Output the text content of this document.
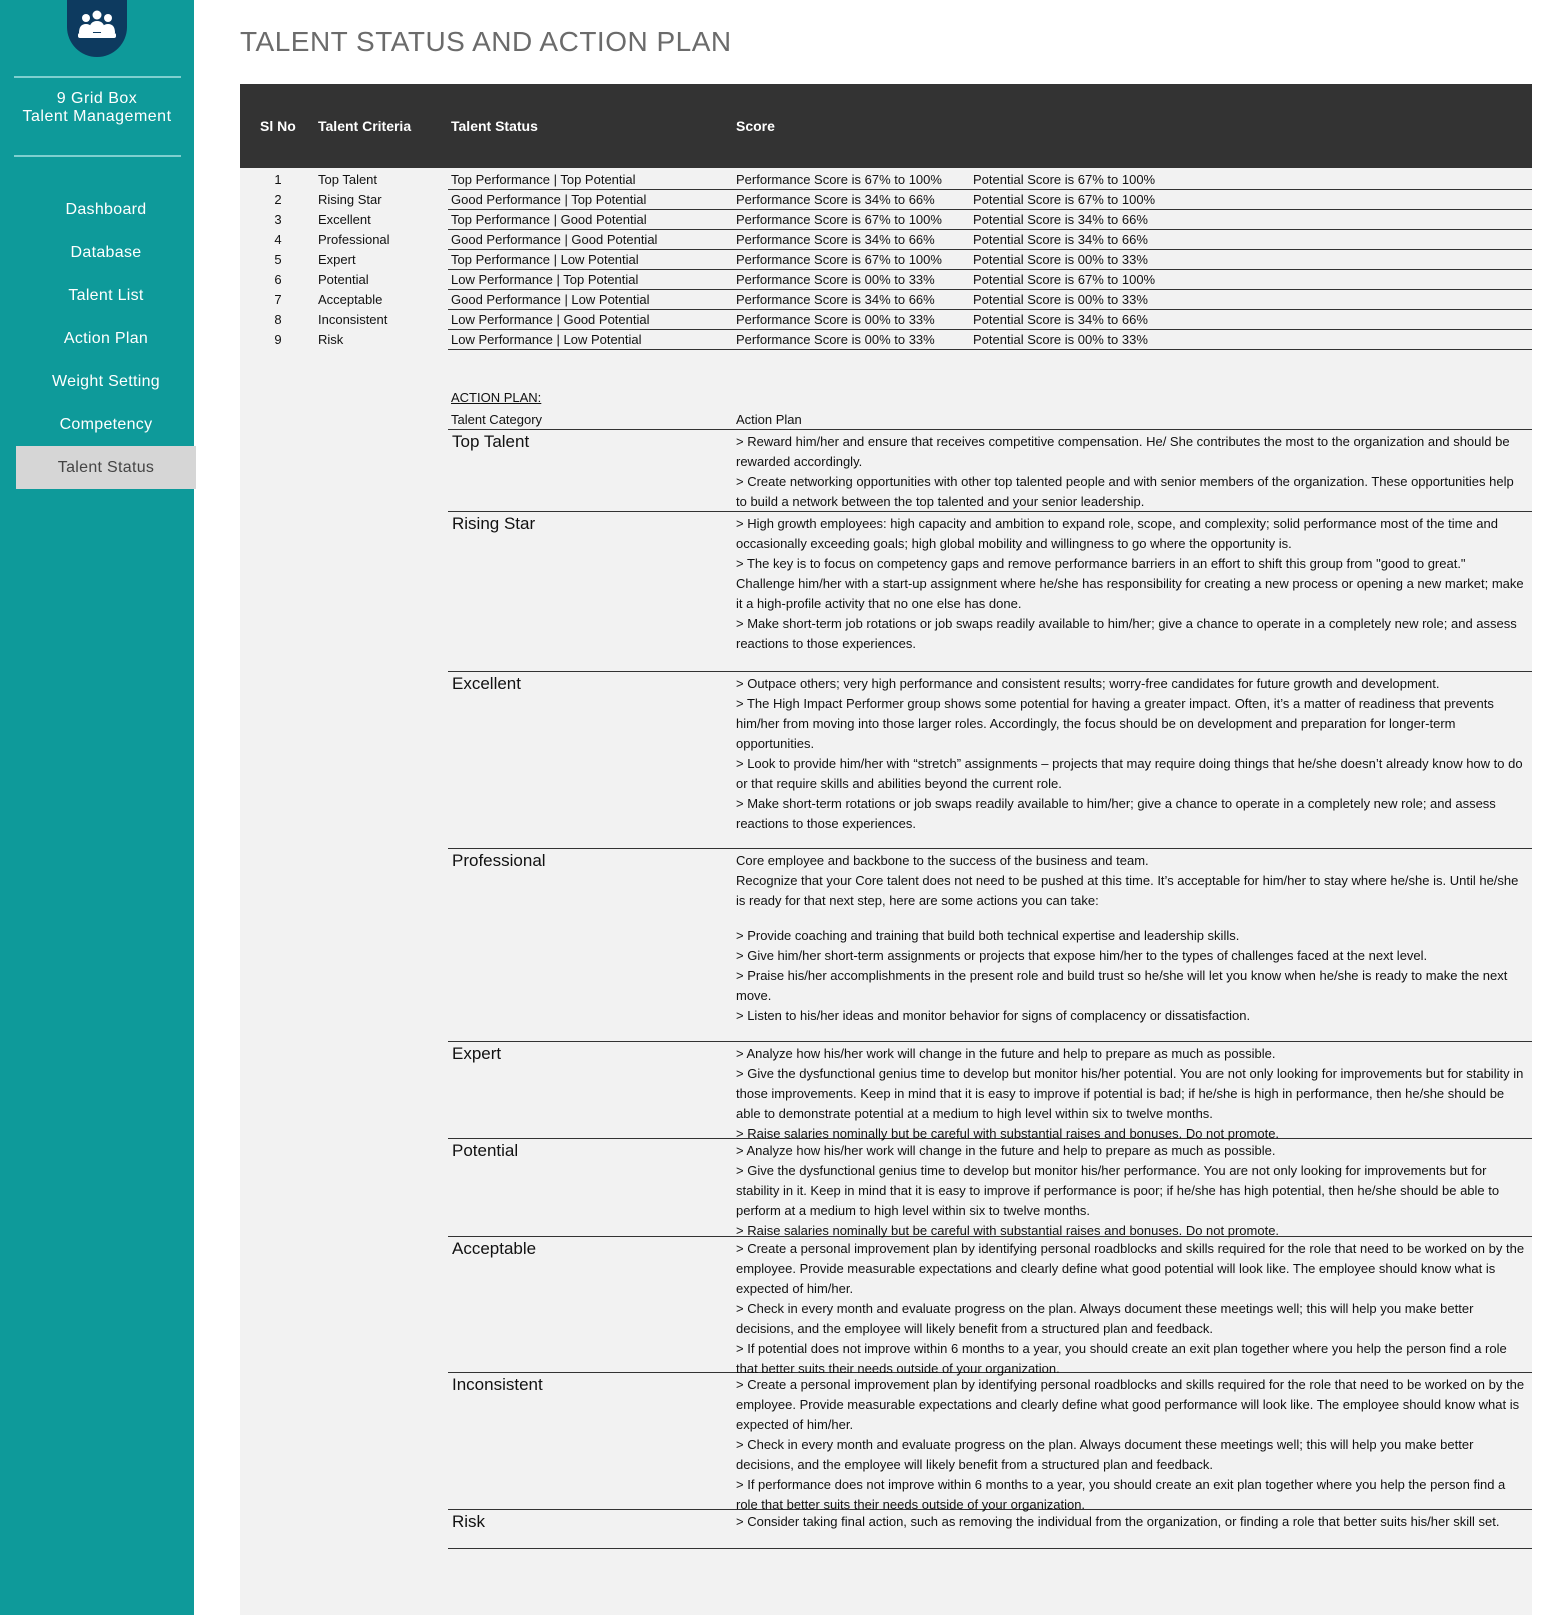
9 Grid Box
Talent Management
Dashboard
Database
Talent List
Action Plan
Weight Setting
Competency
Talent Status
TALENT STATUS AND ACTION PLAN
Sl No Talent Criteria	Talent Status	Score
1	Top Talent	Top Performance | Top Potential	Performance Score is 67% to 100% Potential Score is 67% to 100%
2	Rising Star	Good Performance | Top Potential	Performance Score is 34% to 66%	Potential Score is 67% to 100%
3	Excellent	Top Performance | Good Potential	Performance Score is 67% to 100% Potential Score is 34% to 66%
4	Professional	Good Performance | Good Potential	Performance Score is 34% to 66%	Potential Score is 34% to 66%
5	Expert	Top Performance | Low Potential	Performance Score is 67% to 100% Potential Score is 00% to 33%
6	Potential	Low Performance | Top Potential	Performance Score is 00% to 33%	Potential Score is 67% to 100%
7	Acceptable	Good Performance | Low Potential	Performance Score is 34% to 66%	Potential Score is 00% to 33%
8	Inconsistent	Low Performance | Good Potential	Performance Score is 00% to 33%	Potential Score is 34% to 66%
9	Risk	Low Performance | Low Potential	Performance Score is 00% to 33%	Potential Score is 00% to 33%
ACTION PLAN:
Talent Category	Action Plan
Top Talent	> Reward him/her and ensure that receives competitive compensation. He/ She contributes the most to the organization and should be rewarded accordingly.

> Create networking opportunities with other top talented people and with senior members of the organization. These opportunities help to build a network between the top talented and your senior leadership.

Rising Star	> High growth employees: high capacity and ambition to expand role, scope, and complexity; solid performance most of the time and occasionally exceeding goals; high global mobility and willingness to go where the opportunity is.

> The key is to focus on competency gaps and remove performance barriers in an effort to shift this group from "good to great." Challenge him/her with a start-up assignment where he/she has responsibility for creating a new process or opening a new market; make it a high-profile activity that no one else has done.

> Make short-term job rotations or job swaps readily available to him/her; give a chance to operate in a completely new role; and assess reactions to those experiences.

Excellent	> Outpace others; very high performance and consistent results; worry-free candidates for future growth and development.

> The High Impact Performer group shows some potential for having a greater impact. Often, it’s a matter of readiness that prevents him/her from moving into those larger roles. Accordingly, the focus should be on development and preparation for longer-term opportunities.

> Look to provide him/her with “stretch” assignments – projects that may require doing things that he/she doesn’t already know how to do or that require skills and abilities beyond the current role.

> Make short-term rotations or job swaps readily available to him/her; give a chance to operate in a completely new role; and assess reactions to those experiences.

Professional	Core employee and backbone to the success of the business and team.

Recognize that your Core talent does not need to be pushed at this time. It’s acceptable for him/her to stay where he/she is. Until he/she is ready for that next step, here are some actions you can take:

> Provide coaching and training that build both technical expertise and leadership skills.

> Give him/her short-term assignments or projects that expose him/her to the types of challenges faced at the next level.

> Praise his/her accomplishments in the present role and build trust so he/she will let you know when he/she is ready to make the next move.

> Listen to his/her ideas and monitor behavior for signs of complacency or dissatisfaction.

Expert	> Analyze how his/her work will change in the future and help to prepare as much as possible.

> Give the dysfunctional genius time to develop but monitor his/her potential. You are not only looking for improvements but for stability in those improvements. Keep in mind that it is easy to improve if potential is bad; if he/she is high in performance, then he/she should be able to demonstrate potential at a medium to high level within six to twelve months.

> Raise salaries nominally but be careful with substantial raises and bonuses. Do not promote.

Potential	> Analyze how his/her work will change in the future and help to prepare as much as possible.

> Give the dysfunctional genius time to develop but monitor his/her performance. You are not only looking for improvements but for stability in it. Keep in mind that it is easy to improve if performance is poor; if he/she has high potential, then he/she should be able to perform at a medium to high level within six to twelve months.

> Raise salaries nominally but be careful with substantial raises and bonuses. Do not promote.

Acceptable	> Create a personal improvement plan by identifying personal roadblocks and skills required for the role that need to be worked on by the employee. Provide measurable expectations and clearly define what good potential will look like. The employee should know what is expected of him/her.

> Check in every month and evaluate progress on the plan. Always document these meetings well; this will help you make better decisions, and the employee will likely benefit from a structured plan and feedback.

> If potential does not improve within 6 months to a year, you should create an exit plan together where you help the person find a role that better suits their needs outside of your organization.

Inconsistent	> Create a personal improvement plan by identifying personal roadblocks and skills required for the role that need to be worked on by the employee. Provide measurable expectations and clearly define what good performance will look like. The employee should know what is expected of him/her.

> Check in every month and evaluate progress on the plan. Always document these meetings well; this will help you make better decisions, and the employee will likely benefit from a structured plan and feedback.

> If performance does not improve within 6 months to a year, you should create an exit plan together where you help the person find a role that better suits their needs outside of your organization.

Risk	> Consider taking final action, such as removing the individual from the organization, or finding a role that better suits his/her skill set.
